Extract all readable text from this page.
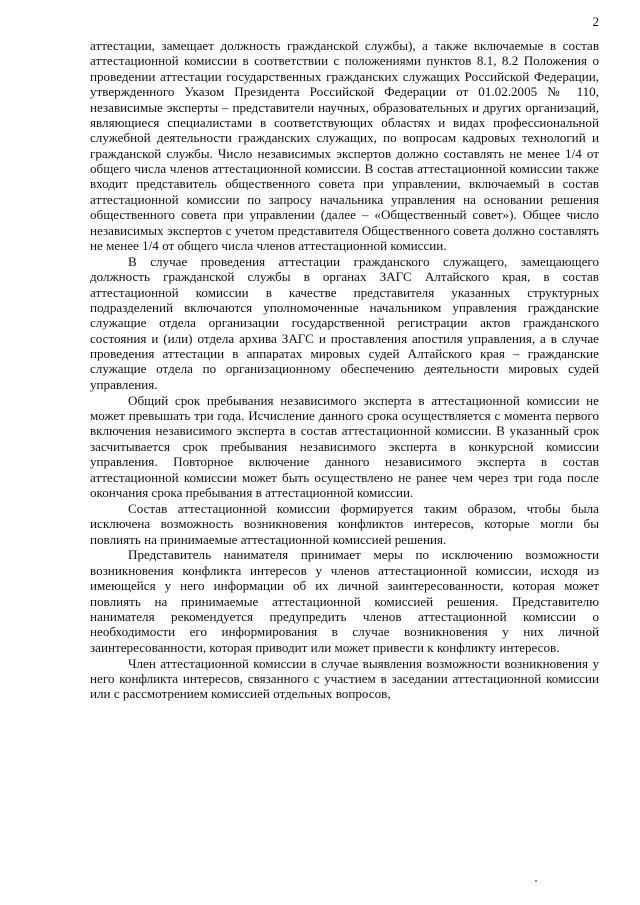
2

аттестации, замещает должность гражданской службы), а также включаемые в состав аттестационной комиссии в соответствии с положениями пунктов 8.1, 8.2 Положения о проведении аттестации государственных гражданских служащих Российской Федерации, утвержденного Указом Президента Российской Федерации от 01.02.2005 № 110, независимые эксперты – представители научных, образовательных и других организаций, являющиеся специалистами в соответствующих областях и видах профессиональной служебной деятельности гражданских служащих, по вопросам кадровых технологий и гражданской службы. Число независимых экспертов должно составлять не менее 1/4 от общего числа членов аттестационной комиссии. В состав аттестационной комиссии также входит представитель общественного совета при управлении, включаемый в состав аттестационной комиссии по запросу начальника управления на основании решения общественного совета при управлении (далее – «Общественный совет»). Общее число независимых экспертов с учетом представителя Общественного совета должно составлять не менее 1/4 от общего числа членов аттестационной комиссии.

В случае проведения аттестации гражданского служащего, замещающего должность гражданской службы в органах ЗАГС Алтайского края, в состав аттестационной комиссии в качестве представителя указанных структурных подразделений включаются уполномоченные начальником управления гражданские служащие отдела организации государственной регистрации актов гражданского состояния и (или) отдела архива ЗАГС и проставления апостиля управления, а в случае проведения аттестации в аппаратах мировых судей Алтайского края – гражданские служащие отдела по организационному обеспечению деятельности мировых судей управления.

Общий срок пребывания независимого эксперта в аттестационной комиссии не может превышать три года. Исчисление данного срока осуществляется с момента первого включения независимого эксперта в состав аттестационной комиссии. В указанный срок засчитывается срок пребывания независимого эксперта в конкурсной комиссии управления. Повторное включение данного независимого эксперта в состав аттестационной комиссии может быть осуществлено не ранее чем через три года после окончания срока пребывания в аттестационной комиссии.

Состав аттестационной комиссии формируется таким образом, чтобы была исключена возможность возникновения конфликтов интересов, которые могли бы повлиять на принимаемые аттестационной комиссией решения.

Представитель нанимателя принимает меры по исключению возможности возникновения конфликта интересов у членов аттестационной комиссии, исходя из имеющейся у него информации об их личной заинтересованности, которая может повлиять на принимаемые аттестационной комиссией решения. Представителю нанимателя рекомендуется предупредить членов аттестационной комиссии о необходимости его информирования в случае возникновения у них личной заинтересованности, которая приводит или может привести к конфликту интересов.

Член аттестационной комиссии в случае выявления возможности возникновения у него конфликта интересов, связанного с участием в заседании аттестационной комиссии или с рассмотрением комиссией отдельных вопросов,
